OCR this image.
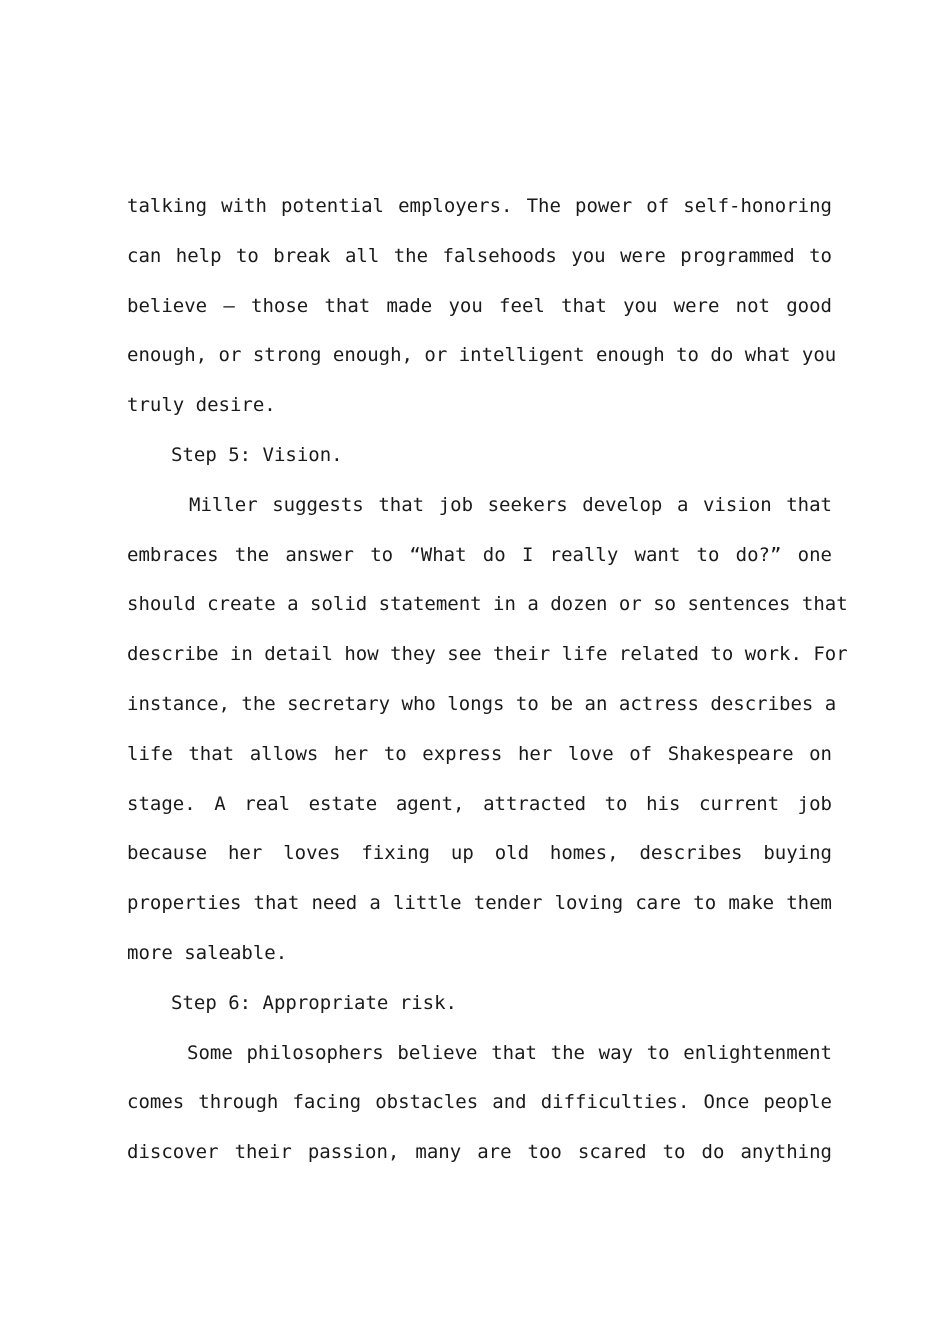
talking with potential employers. The power of self-honoring
can help to break all the falsehoods you were programmed to
believe – those that made you feel that you were not good
enough, or strong enough, or intelligent enough to do what you
truly desire.
Step 5: Vision.
Miller suggests that job seekers develop a vision that
embraces the answer to “What do I really want to do?” one
should create a solid statement in a dozen or so sentences that
describe in detail how they see their life related to work. For
instance, the secretary who longs to be an actress describes a
life that allows her to express her love of Shakespeare on
stage. A real estate agent, attracted to his current job
because her loves fixing up old homes, describes buying
properties that need a little tender loving care to make them
more saleable.
Step 6: Appropriate risk.
Some philosophers believe that the way to enlightenment
comes through facing obstacles and difficulties. Once people
discover their passion, many are too scared to do anything
